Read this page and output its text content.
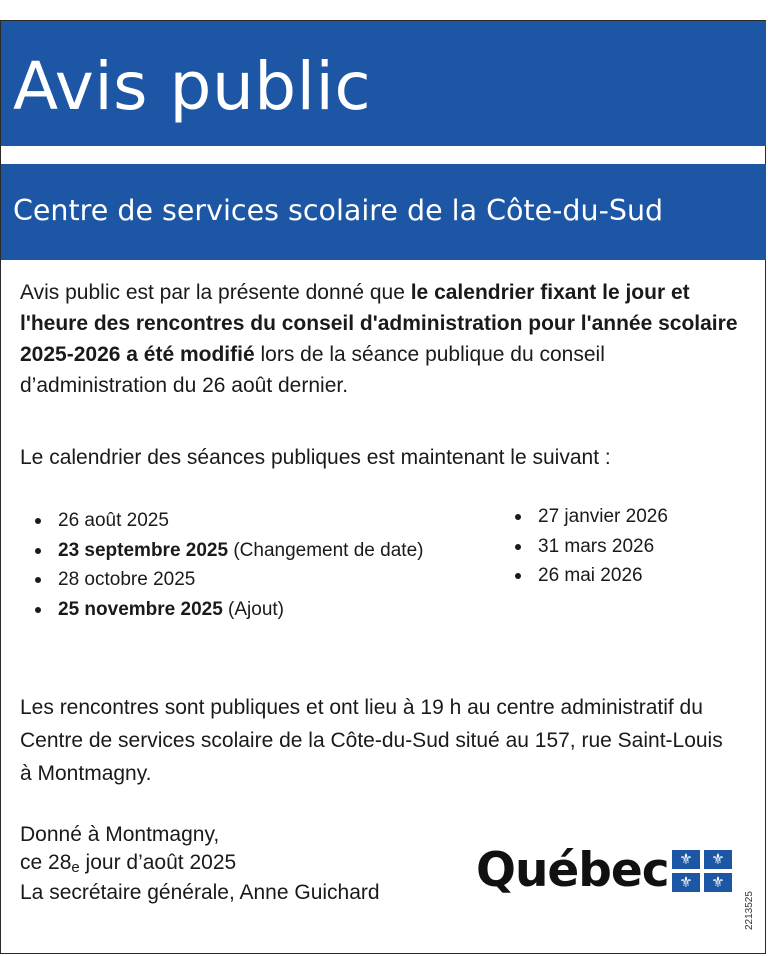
Avis public
Centre de services scolaire de la Côte-du-Sud

Avis public est par la présente donné que le calendrier fixant le jour et l'heure des rencontres du conseil d'administration pour l'année scolaire 2025-2026 a été modifié lors de la séance publique du conseil d’administration du 26 août dernier.

Le calendrier des séances publiques est maintenant le suivant :

26 août 2025
23 septembre 2025 (Changement de date)
28 octobre 2025
25 novembre 2025 (Ajout)
27 janvier 2026
31 mars 2026
26 mai 2026

Les rencontres sont publiques et ont lieu à 19 h au centre administratif du Centre de services scolaire de la Côte-du-Sud situé au 157, rue Saint-Louis à Montmagny.

Donné à Montmagny,
ce 28e jour d’août 2025
La secrétaire générale, Anne Guichard Québec ⚜	⚜
⚜	⚜
2213525
